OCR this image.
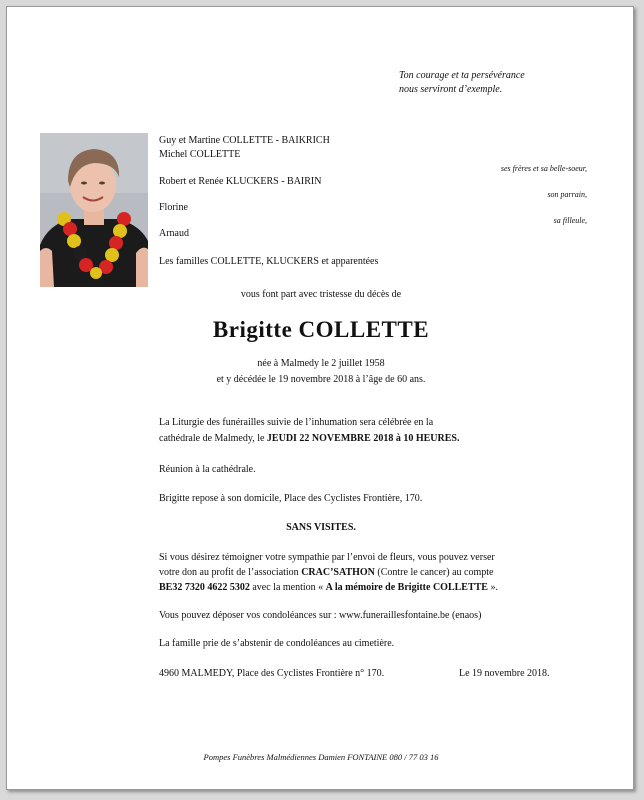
Ton courage et ta persévérance
nous serviront d’exemple.
Guy et Martine COLLETTE - BAIKRICH
Michel COLLETTE
Robert et Renée KLUCKERS - BAIRIN
Florine
Arnaud
Les familles COLLETTE, KLUCKERS et apparentées
ses frères et sa belle-soeur,
son parrain,
sa filleule,
vous font part avec tristesse du décès de
Brigitte COLLETTE
née à Malmedy le 2 juillet 1958
et y décédée le 19 novembre 2018 à l’âge de 60 ans.
La Liturgie des funérailles suivie de l’inhumation sera célébrée en la
cathédrale de Malmedy, le JEUDI 22 NOVEMBRE 2018 à 10 HEURES.
Réunion à la cathédrale.
Brigitte repose à son domicile, Place des Cyclistes Frontière, 170.
SANS VISITES.
Si vous désirez témoigner votre sympathie par l’envoi de fleurs, vous pouvez verser
votre don au profit de l’association CRAC’SATHON (Contre le cancer) au compte
BE32 7320 4622 5302 avec la mention « A la mémoire de Brigitte COLLETTE ».
Vous pouvez déposer vos condoléances sur : www.funeraillesfontaine.be (enaos)
La famille prie de s’abstenir de condoléances au cimetière.
4960 MALMEDY, Place des Cyclistes Frontière n° 170.	Le 19 novembre 2018.
Pompes Funèbres Malmédiennes Damien FONTAINE 080 / 77 03 16
